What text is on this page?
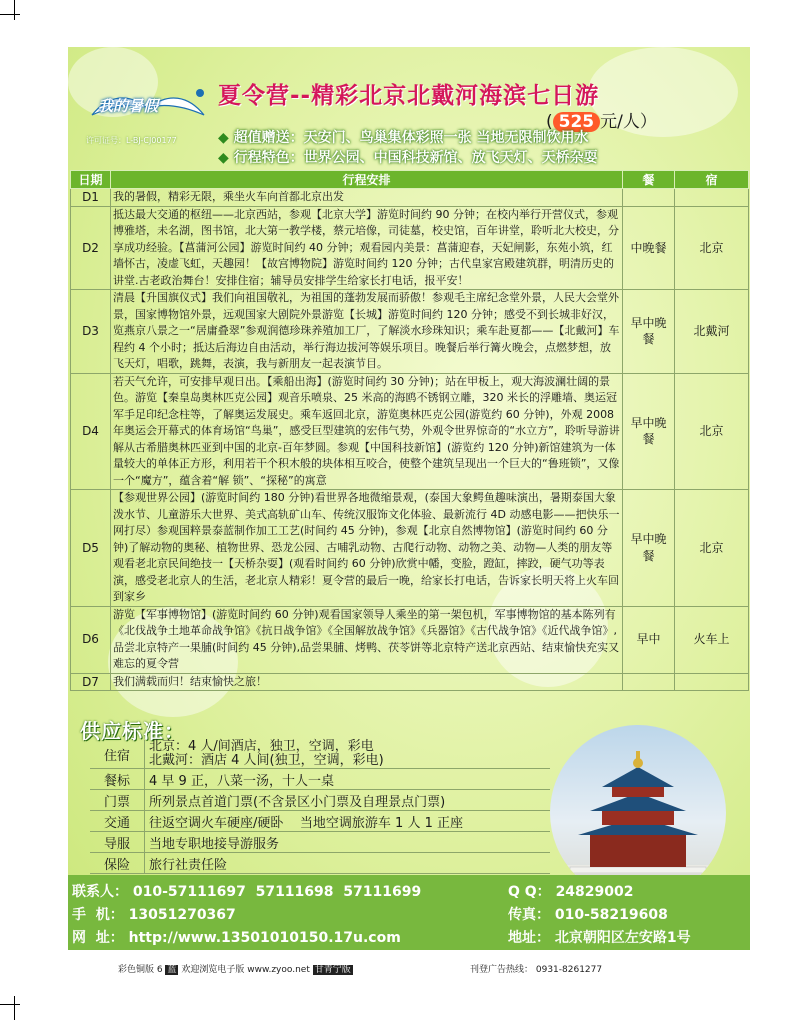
我的暑假
许可证号：L-BJ-CJ00177
夏令营--精彩北京北戴河海滨七日游
( 525 元/人）
◆ 超值赠送：天安门、鸟巢集体彩照一张 当地无限制饮用水
◆ 行程特色：世界公园、中国科技新馆、放飞天灯、天桥杂耍
日期	行程安排	餐	宿
D1	我的暑假，精彩无限，乘坐火车向首都北京出发		
D2	抵达最大交通的枢纽——北京西站，参观【北京大学】游览时间约 90 分钟；在校内举行开营仪式，参观博雅塔，未名湖，图书馆，北大第一教学楼，蔡元培像，司徒墓，校史馆，百年讲堂，聆听北大校史，分享成功经验。【菖蒲河公园】游览时间约 40 分钟；观看园内美景：菖蒲迎春，天妃闸影，东苑小筑，红墙怀古，凌虚飞虹，天趣园！【故宫博物院】游览时间约 120 分钟；古代皇家宫殿建筑群，明清历史的讲堂.古老政治舞台！安排住宿；辅导员安排学生给家长打电话，报平安！	中晚餐	北京
D3	清晨【升国旗仪式】我们向祖国敬礼，为祖国的蓬勃发展而骄傲！参观毛主席纪念堂外景，人民大会堂外景，国家博物馆外景，远观国家大剧院外景游览【长城】游览时间约 120 分钟；感受不到长城非好汉，览燕京八景之一“居庸叠翠”参观润德珍珠养殖加工厂，了解淡水珍珠知识；乘车赴夏都——【北戴河】车程约 4 个小时；抵达后海边自由活动，举行海边拔河等娱乐项目。晚餐后举行篝火晚会，点燃梦想，放飞天灯，唱歌，跳舞，表演，我与新朋友一起表演节目。	早中晚餐	北戴河
D4	若天气允许，可安排早观日出。【乘船出海】(游览时间约 30 分钟)；站在甲板上，观大海波澜壮阔的景色。游览【秦皇岛奥林匹克公园】观音乐喷泉、25 米高的海鸥不锈钢立雕，320 米长的浮雕墙、奥运冠军手足印纪念柱等，了解奥运发展史。乘车返回北京，游览奥林匹克公园(游览约 60 分钟)，外观 2008 年奥运会开幕式的体育场馆“鸟巢”，感受巨型建筑的宏伟气势，外观令世界惊奇的“水立方”，聆听导游讲解从古希腊奥林匹亚到中国的北京-百年梦圆。参观【中国科技新馆】(游览约 120 分钟)新馆建筑为一体量较大的单体正方形，利用若干个积木般的块体相互咬合，使整个建筑呈现出一个巨大的“鲁班锁”，又像一个“魔方”，蕴含着“解 锁”、“探秘”的寓意	早中晚餐	北京
D5	【参观世界公园】(游览时间约 180 分钟)看世界各地微缩景观，(泰国大象鳄鱼趣味演出，暑期泰国大象泼水节、儿童游乐大世界、美式高轨矿山车、传统汉服饰文化体验、最新流行 4D 动感电影——把快乐一网打尽）参观国粹景泰蓝制作加工工艺(时间约 45 分钟)，参观【北京自然博物馆】(游览时间约 60 分钟)了解动物的奥秘、植物世界、恐龙公园、古哺乳动物、古爬行动物、动物之美、动物—人类的朋友等观看老北京民间绝技一【天桥杂耍】(观看时间约 60 分钟)欣赏中幡，变脸，蹬缸，摔跤，硬气功等表演，感受老北京人的生活，老北京人精彩！夏令营的最后一晚，给家长打电话，告诉家长明天将上火车回到家乡	早中晚餐	北京
D6	游览【军事博物馆】(游览时间约 60 分钟)观看国家领导人乘坐的第一架包机，军事博物馆的基本陈列有《北伐战争土地革命战争馆》《抗日战争馆》《全国解放战争馆》《兵器馆》《古代战争馆》《近代战争馆》,品尝北京特产一果脯(时间约 45 分钟),品尝果脯、烤鸭、茯苓饼等北京特产送北京西站、结束愉快充实又难忘的夏令营	早中	火车上
D7	我们满载而归！结束愉快之旅！		
供应标准：
住宿	北京：4 人/间酒店，独卫，空调，彩电
北戴河：酒店 4 人间(独卫，空调，彩电)

餐标	4 早 9 正，八菜一汤，十人一桌
门票	所列景点首道门票(不含景区小门票及自理景点门票)
交通	往返空调火车硬座/硬卧    当地空调旅游车 1 人 1 正座
导服	当地专职地接导游服务
保险	旅行社责任险
联系人： 010-57111697  57111698  57111699	Q Q： 24829002
手  机： 13051270367	传真： 010-58219608
网  址： http://www.13501010150.17u.com	地址： 北京朝阳区左安路1号
彩色铜版 6 蓝 欢迎浏览电子版 www.zyoo.net 甘青宁版	刊登广告热线： 0931-8261277
